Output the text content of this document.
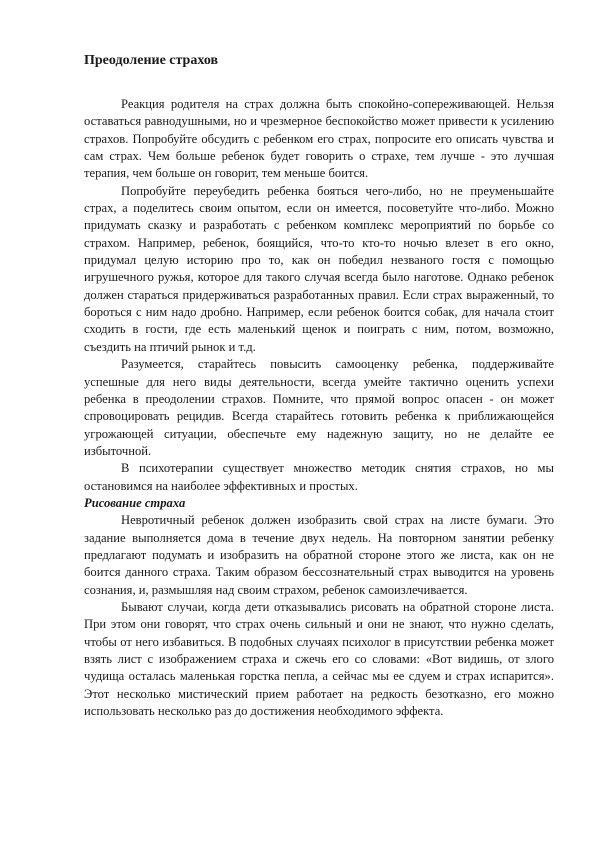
Преодоление страхов

Реакция родителя на страх должна быть спокойно-сопереживающей. Нельзя оставаться равнодушными, но и чрезмерное беспокойство может привести к усилению страхов. Попробуйте обсудить с ребенком его страх, попросите его описать чувства и сам страх. Чем больше ребенок будет говорить о страхе, тем лучше - это лучшая терапия, чем больше он говорит, тем меньше боится.

Попробуйте переубедить ребенка бояться чего-либо, но не преуменьшайте страх, а поделитесь своим опытом, если он имеется, посоветуйте что-либо. Можно придумать сказку и разработать с ребенком комплекс мероприятий по борьбе со страхом. Например, ребенок, боящийся, что-то кто-то ночью влезет в его окно, придумал целую историю про то, как он победил незваного гостя с помощью игрушечного ружья, которое для такого случая всегда было наготове. Однако ребенок должен стараться придерживаться разработанных правил. Если страх выраженный, то бороться с ним надо дробно. Например, если ребенок боится собак, для начала стоит сходить в гости, где есть маленький щенок и поиграть с ним, потом, возможно, съездить на птичий рынок и т.д.

Разумеется, старайтесь повысить самооценку ребенка, поддерживайте успешные для него виды деятельности, всегда умейте тактично оценить успехи ребенка в преодолении страхов. Помните, что прямой вопрос опасен - он может спровоцировать рецидив. Всегда старайтесь готовить ребенка к приближающейся угрожающей ситуации, обеспечьте ему надежную защиту, но не делайте ее избыточной.

В психотерапии существует множество методик снятия страхов, но мы остановимся на наиболее эффективных и простых.

Рисование страха

Невротичный ребенок должен изобразить свой страх на листе бумаги. Это задание выполняется дома в течение двух недель. На повторном занятии ребенку предлагают подумать и изобразить на обратной стороне этого же листа, как он не боится данного страха. Таким образом бессознательный страх выводится на уровень сознания, и, размышляя над своим страхом, ребенок самоизлечивается.

Бывают случаи, когда дети отказывались рисовать на обратной стороне листа. При этом они говорят, что страх очень сильный и они не знают, что нужно сделать, чтобы от него избавиться. В подобных случаях психолог в присутствии ребенка может взять лист с изображением страха и сжечь его со словами: «Вот видишь, от злого чудища осталась маленькая горстка пепла, а сейчас мы ее сдуем и страх испарится». Этот несколько мистический прием работает на редкость безотказно, его можно использовать несколько раз до достижения необходимого эффекта.
